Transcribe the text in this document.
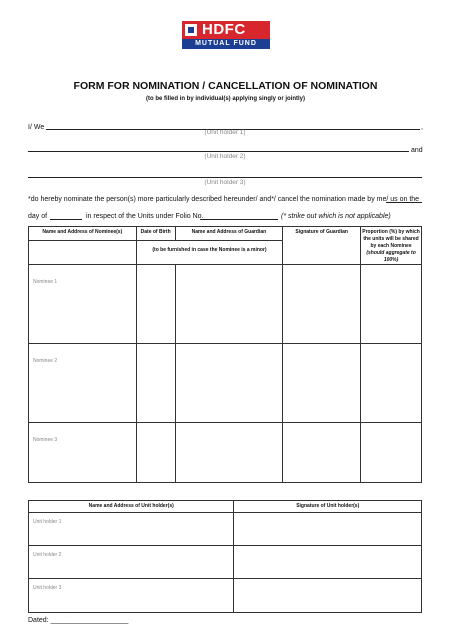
HDFC
MUTUAL FUND
FORM FOR NOMINATION / CANCELLATION OF NOMINATION
(to be filled in by individual(s) applying singly or jointly)
I/ We	,
(Unit holder 1)
and
(Unit holder 2)
(Unit holder 3)
*do hereby nominate the person(s) more particularly described hereunder/ and*/ cancel the nomination made by me/ us on the
day of	in respect of the Units under Folio No.	(* strike out which is not applicable)
Name and Address of Nominee(s)	Date of Birth	Name and Address of Guardian	Signature of Guardian	Proportion (%) by which the units will be shared by each Nominee
(should aggregate to 100%)

	(to be furnished in case the Nominee is a minor)			
Nominee 1				
Nominee 2				
Nominee 3				
Name and Address of Unit holder(s)	Signature of Unit holder(s)
Unit holder 1	
Unit holder 2	
Unit holder 3	
Dated: ____________________
